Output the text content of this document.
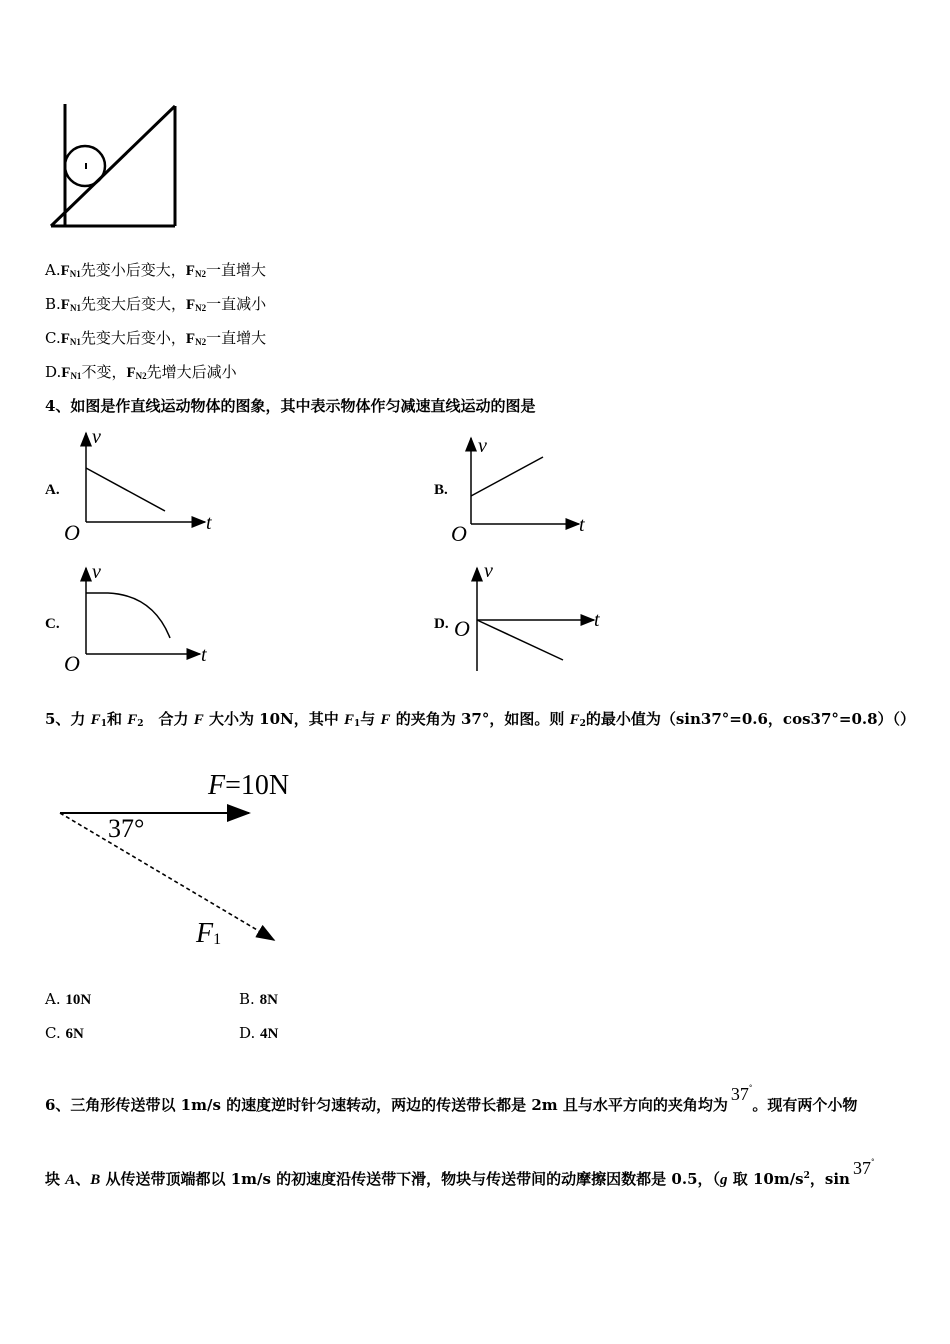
$A.F_{N1}$先变小后变大，$F_{N2}$一直增大
$B.F_{N1}$先变大后变大，$F_{N2}$一直减小
$C.F_{N1}$先变大后变小，$F_{N2}$一直增大
$D.F_{N1}$不变，$F_{N2}$先增大后减小
4、如图是作直线运动物体的图象，其中表示物体作匀减速直线运动的图是
A.
v
t
O
B.
v
t
O
C.
v
t
O
D.
v
t
O
5、力 $F_1$和 $F_2$　合力 F 大小为 10N，其中 $F_1$与 F 的夹角为 37°，如图。则 $F_2$的最小值为（sin37°=0.6，cos37°=0.8）（）
F=10N
37°
F1
A. 10N	B. 8N
C. 6N	D. 4N
6、三角形传送带以 1m/s 的速度逆时针匀速转动，两边的传送带长都是 2m 且与水平方向的夹角均为37°。现有两个小物
块 A、B 从传送带顶端都以 1m/s 的初速度沿传送带下滑，物块与传送带间的动摩擦因数都是 0.5，（g 取 $10m/s^2$，sin37°
